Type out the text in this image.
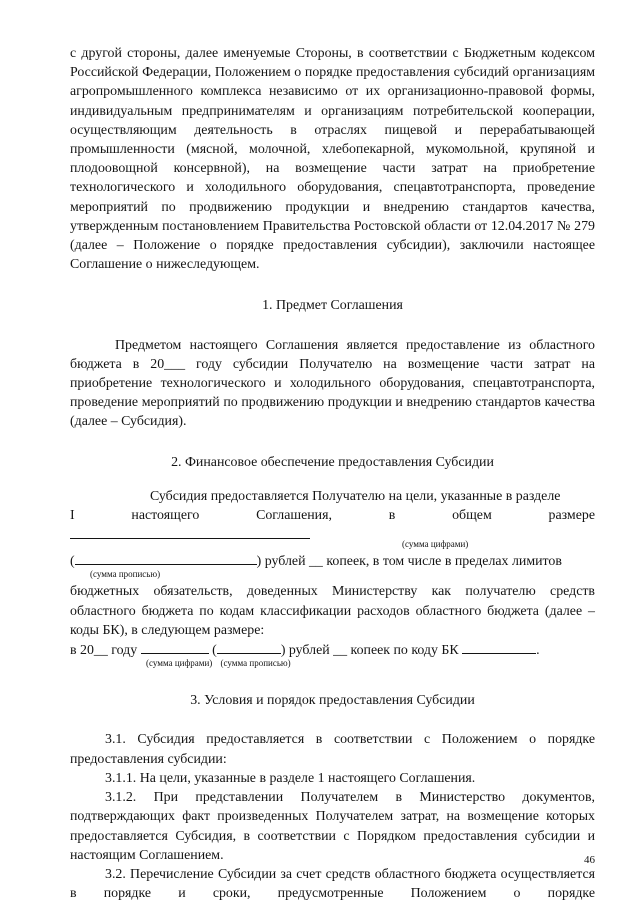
с другой стороны, далее именуемые Стороны, в соответствии с Бюджетным кодексом Российской Федерации, Положением о порядке предоставления субсидий организациям агропромышленного комплекса независимо от их организационно-правовой формы, индивидуальным предпринимателям и организациям потребительской кооперации, осуществляющим деятельность в отраслях пищевой и перерабатывающей промышленности (мясной, молочной, хлебопекарной, мукомольной, крупяной и плодоовощной консервной), на возмещение части затрат на приобретение технологического и холодильного оборудования, спецавтотранспорта, проведение мероприятий по продвижению продукции и внедрению стандартов качества, утвержденным постановлением Правительства Ростовской области от 12.04.2017 № 279 (далее – Положение о порядке предоставления субсидии), заключили настоящее Соглашение о нижеследующем.

1. Предмет Соглашения

Предметом настоящего Соглашения является предоставление из областного бюджета в 20___ году субсидии Получателю на возмещение части затрат на приобретение технологического и холодильного оборудования, спецавтотранспорта, проведение мероприятий по продвижению продукции и внедрению стандартов качества (далее – Субсидия).

2. Финансовое обеспечение предоставления Субсидии

Субсидия предоставляется Получателю на цели, указанные в разделе
I настоящего Соглашения, в общем размере
(сумма цифрами)
(	) рублей __ копеек, в том числе в пределах лимитов
(сумма прописью)

бюджетных обязательств, доведенных Министерству как получателю средств областного бюджета по кодам классификации расходов областного бюджета (далее – коды БК), в следующем размере:

в 20__ году	(	) рублей __ копеек по коду БК	.
(сумма цифрами) (сумма прописью)

3. Условия и порядок предоставления Субсидии

3.1. Субсидия предоставляется в соответствии с Положением о порядке предоставления субсидии:

3.1.1. На цели, указанные в разделе 1 настоящего Соглашения.

3.1.2. При представлении Получателем в Министерство документов, подтверждающих факт произведенных Получателем затрат, на возмещение которых предоставляется Субсидия, в соответствии с Порядком предоставления субсидии и настоящим Соглашением.

3.2. Перечисление Субсидии за счет средств областного бюджета осуществляется в порядке и сроки, предусмотренные Положением о порядке

46
